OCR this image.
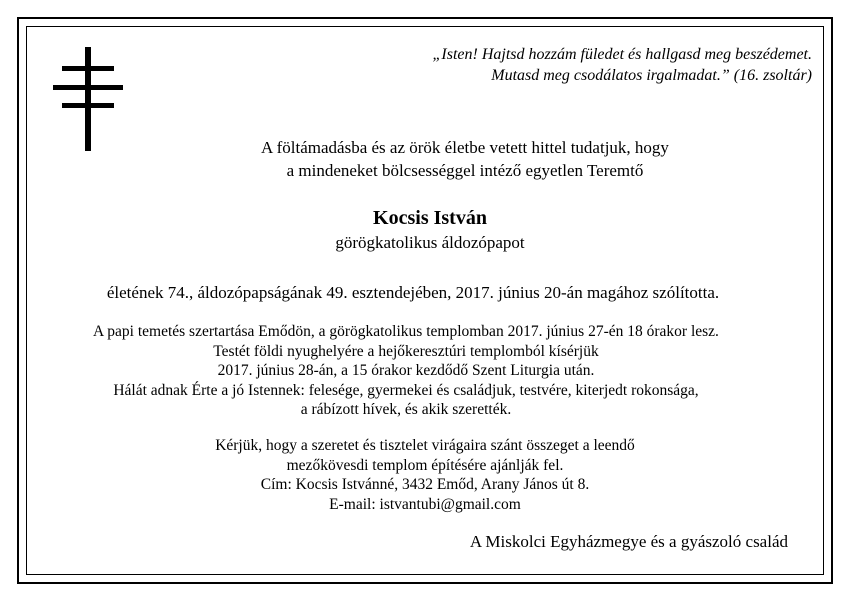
„Isten! Hajtsd hozzám füledet és hallgasd meg beszédemet.
Mutasd meg csodálatos irgalmadat.” (16. zsoltár)
A föltámadásba és az örök életbe vetett hittel tudatjuk, hogy
a mindeneket bölcsességgel intéző egyetlen Teremtő
Kocsis István
görögkatolikus áldozópapot
életének 74., áldozópapságának 49. esztendejében, 2017. június 20-án magához szólította.
A papi temetés szertartása Emődön, a görögkatolikus templomban 2017. június 27-én 18 órakor lesz.
Testét földi nyughelyére a hejőkeresztúri templomból kísérjük
2017. június 28-án, a 15 órakor kezdődő Szent Liturgia után.
Hálát adnak Érte a jó Istennek: felesége, gyermekei és családjuk, testvére, kiterjedt rokonsága,
a rábízott hívek, és akik szerették.
Kérjük, hogy a szeretet és tisztelet virágaira szánt összeget a leendő
mezőkövesdi templom építésére ajánlják fel.
Cím: Kocsis Istvánné, 3432 Emőd, Arany János út 8.
E-mail: istvantubi@gmail.com
A Miskolci Egyházmegye és a gyászoló család
